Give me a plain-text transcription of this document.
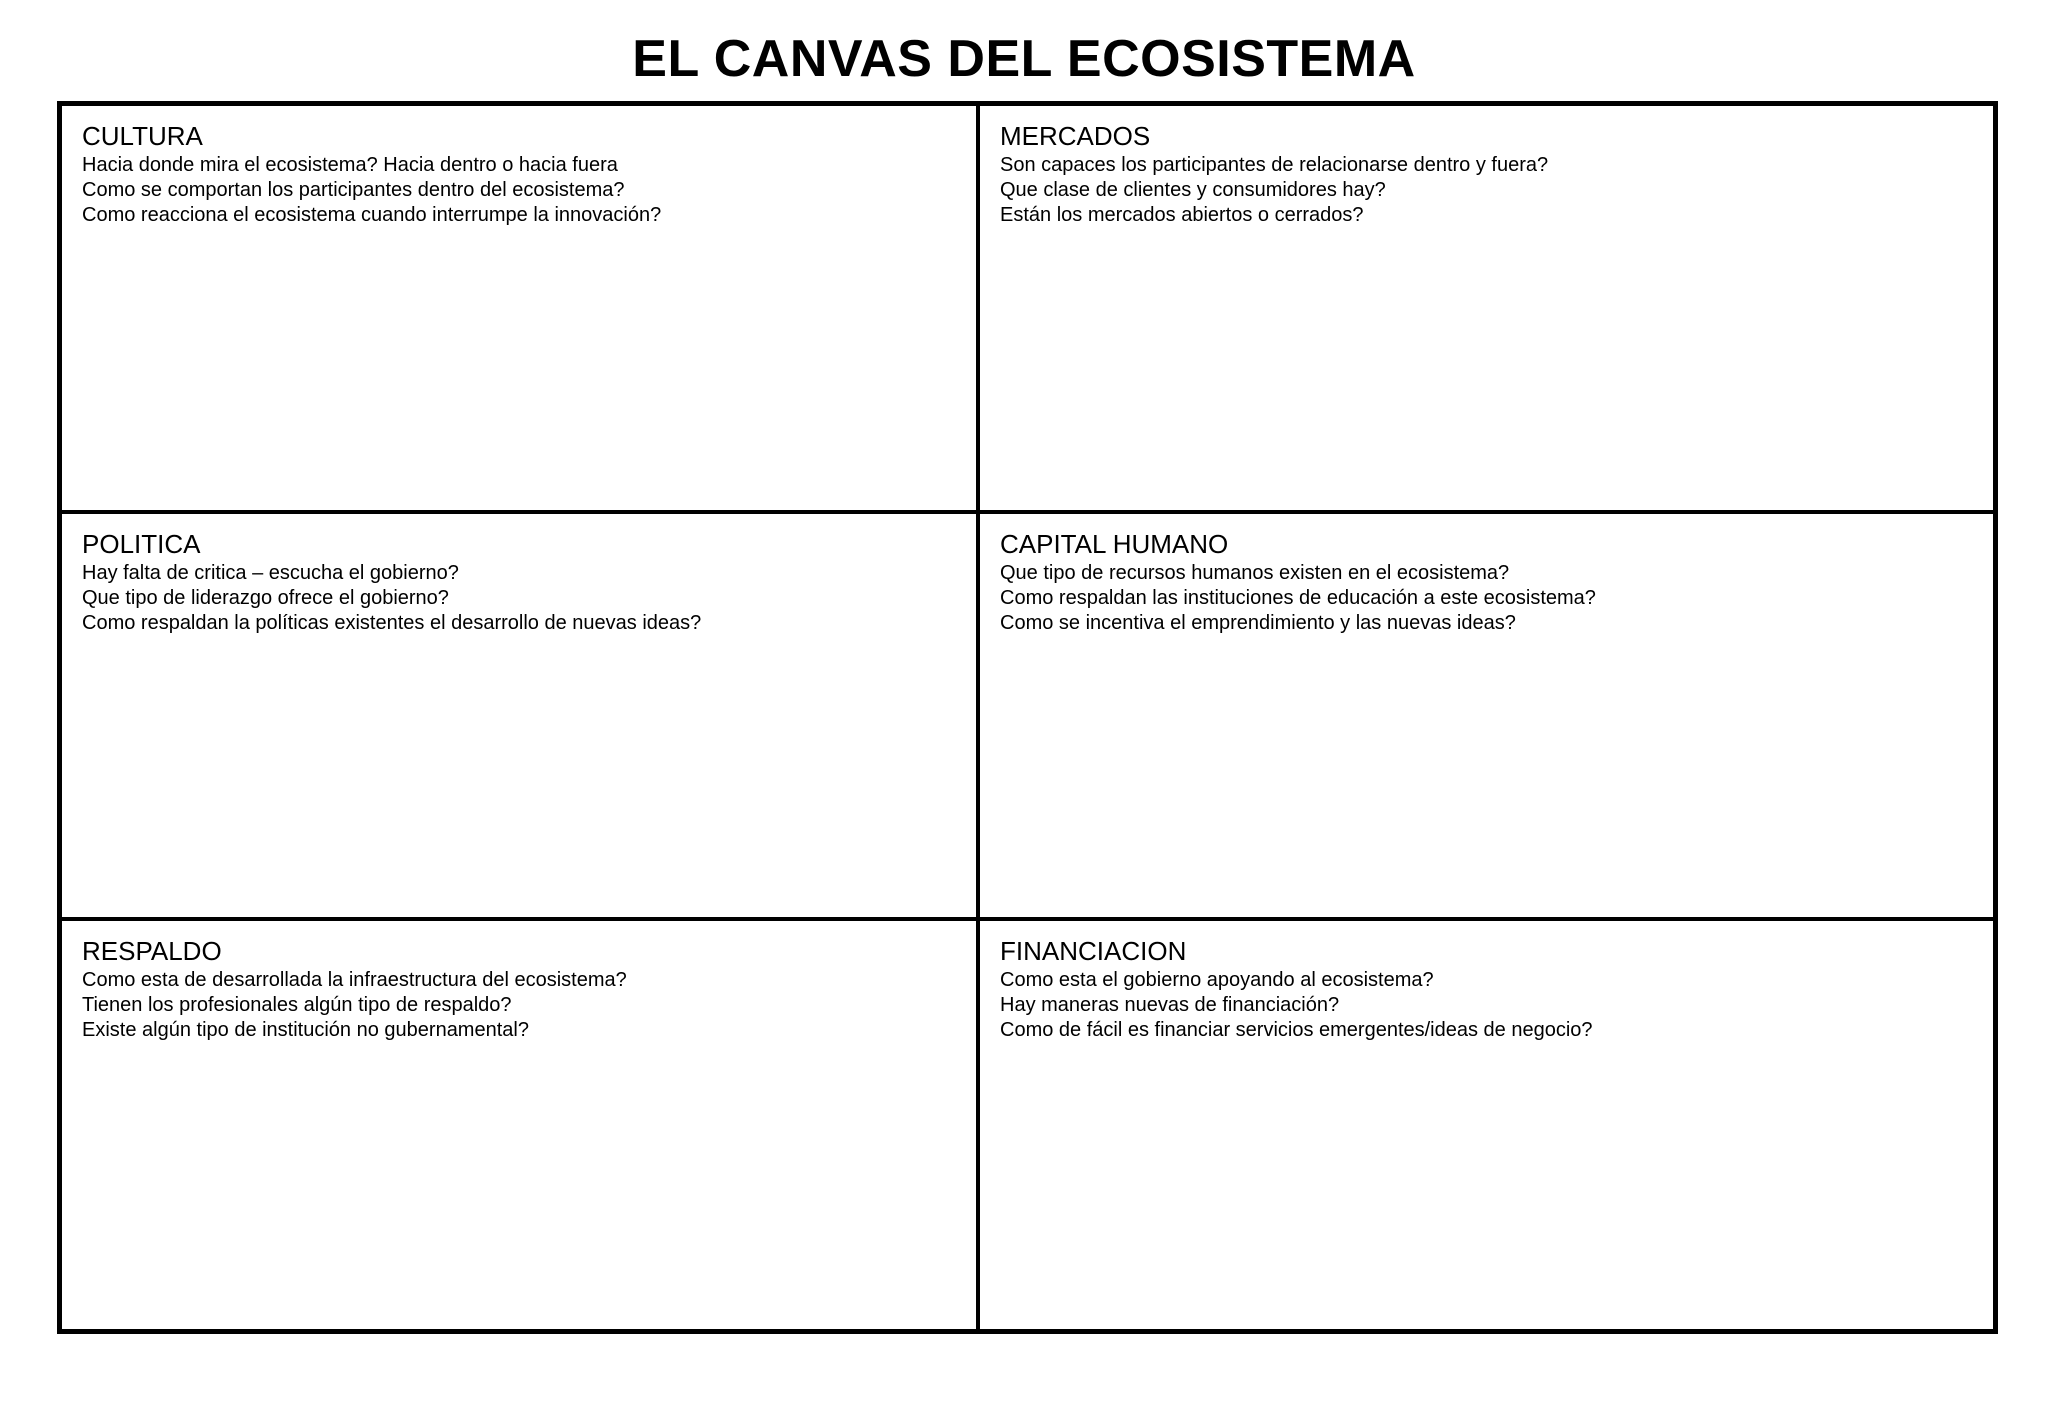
EL CANVAS DEL ECOSISTEMA
CULTURA
Hacia donde mira el ecosistema? Hacia dentro o hacia fuera
Como se comportan los participantes dentro del ecosistema?
Como reacciona el ecosistema cuando interrumpe la innovación?
MERCADOS
Son capaces los participantes de relacionarse dentro y fuera?
Que clase de clientes y consumidores hay?
Están los mercados abiertos o cerrados?
POLITICA
Hay falta de critica – escucha el gobierno?
Que tipo de liderazgo ofrece el gobierno?
Como respaldan la políticas existentes el desarrollo de nuevas ideas?
CAPITAL HUMANO
Que tipo de recursos humanos existen en el ecosistema?
Como respaldan las instituciones de educación a este ecosistema?
Como se incentiva el emprendimiento y las nuevas ideas?
RESPALDO
Como esta de desarrollada la infraestructura del ecosistema?
Tienen los profesionales algún tipo de respaldo?
Existe algún tipo de institución no gubernamental?
FINANCIACION
Como esta el gobierno apoyando al ecosistema?
Hay maneras nuevas de financiación?
Como de fácil es financiar servicios emergentes/ideas de negocio?
